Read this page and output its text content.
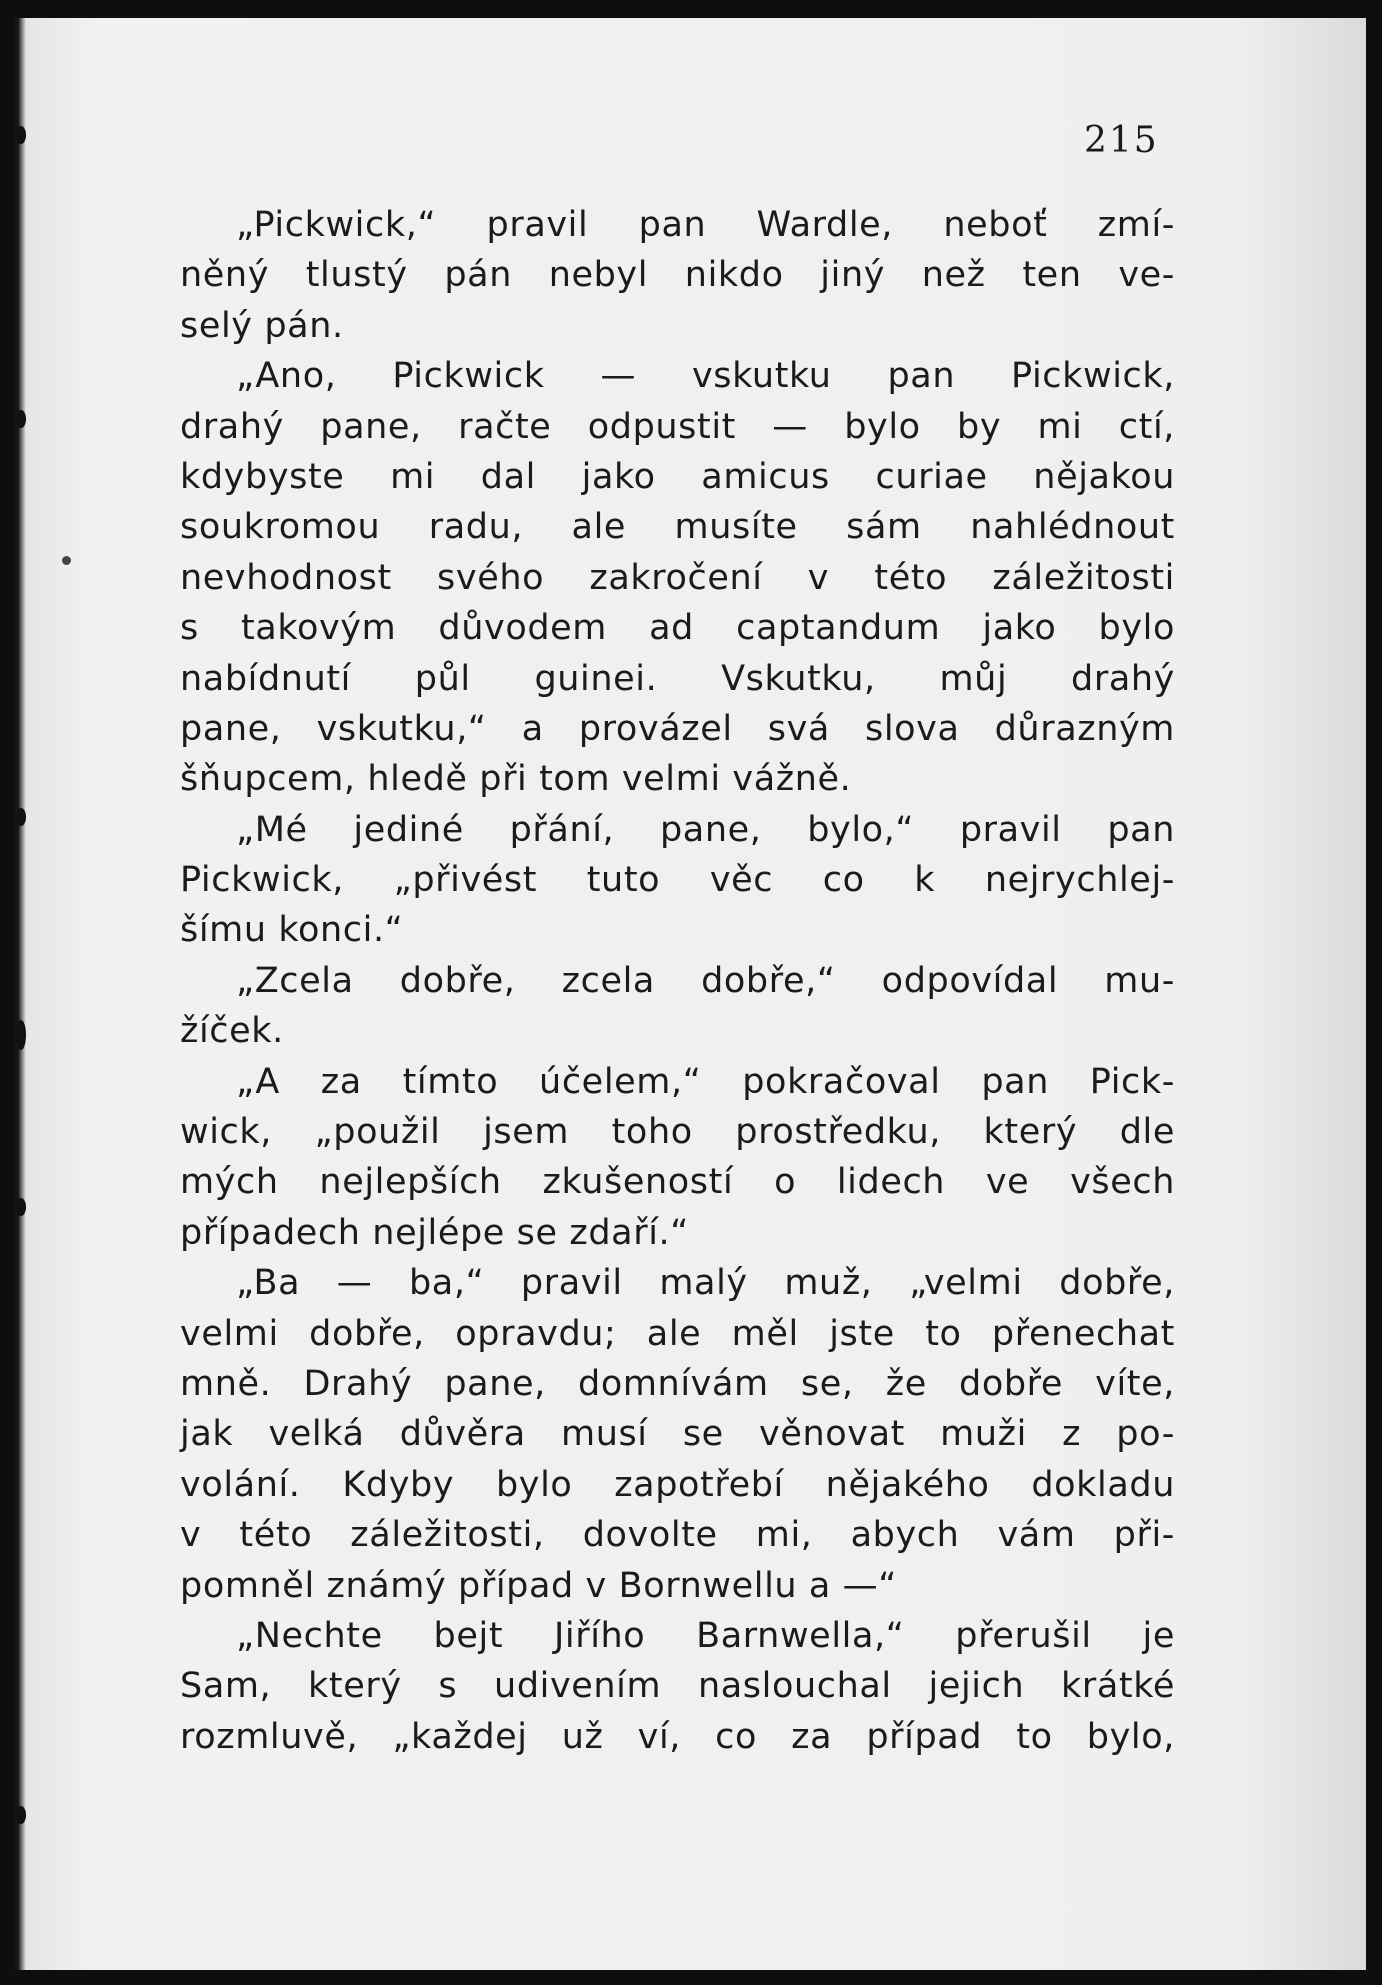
215
„Pickwick,“ pravil pan Wardle, neboť zmí-
něný tlustý pán nebyl nikdo jiný než ten ve-
selý pán.
„Ano, Pickwick — vskutku pan Pickwick,
drahý pane, račte odpustit — bylo by mi ctí,
kdybyste mi dal jako amicus curiae nějakou
soukromou radu, ale musíte sám nahlédnout
nevhodnost svého zakročení v této záležitosti
s takovým důvodem ad captandum jako bylo
nabídnutí půl guinei. Vskutku, můj drahý
pane, vskutku,“ a provázel svá slova důrazným
šňupcem, hledě při tom velmi vážně.
„Mé jediné přání, pane, bylo,“ pravil pan
Pickwick, „přivést tuto věc co k nejrychlej-
šímu konci.“
„Zcela dobře, zcela dobře,“ odpovídal mu-
žíček.
„A za tímto účelem,“ pokračoval pan Pick-
wick, „použil jsem toho prostředku, který dle
mých nejlepších zkušeností o lidech ve všech
případech nejlépe se zdaří.“
„Ba — ba,“ pravil malý muž, „velmi dobře,
velmi dobře, opravdu; ale měl jste to přenechat
mně. Drahý pane, domnívám se, že dobře víte,
jak velká důvěra musí se věnovat muži z po-
volání. Kdyby bylo zapotřebí nějakého dokladu
v této záležitosti, dovolte mi, abych vám při-
pomněl známý případ v Bornwellu a —“
„Nechte bejt Jiřího Barnwella,“ přerušil je
Sam, který s udivením naslouchal jejich krátké
rozmluvě, „každej už ví, co za případ to bylo,
